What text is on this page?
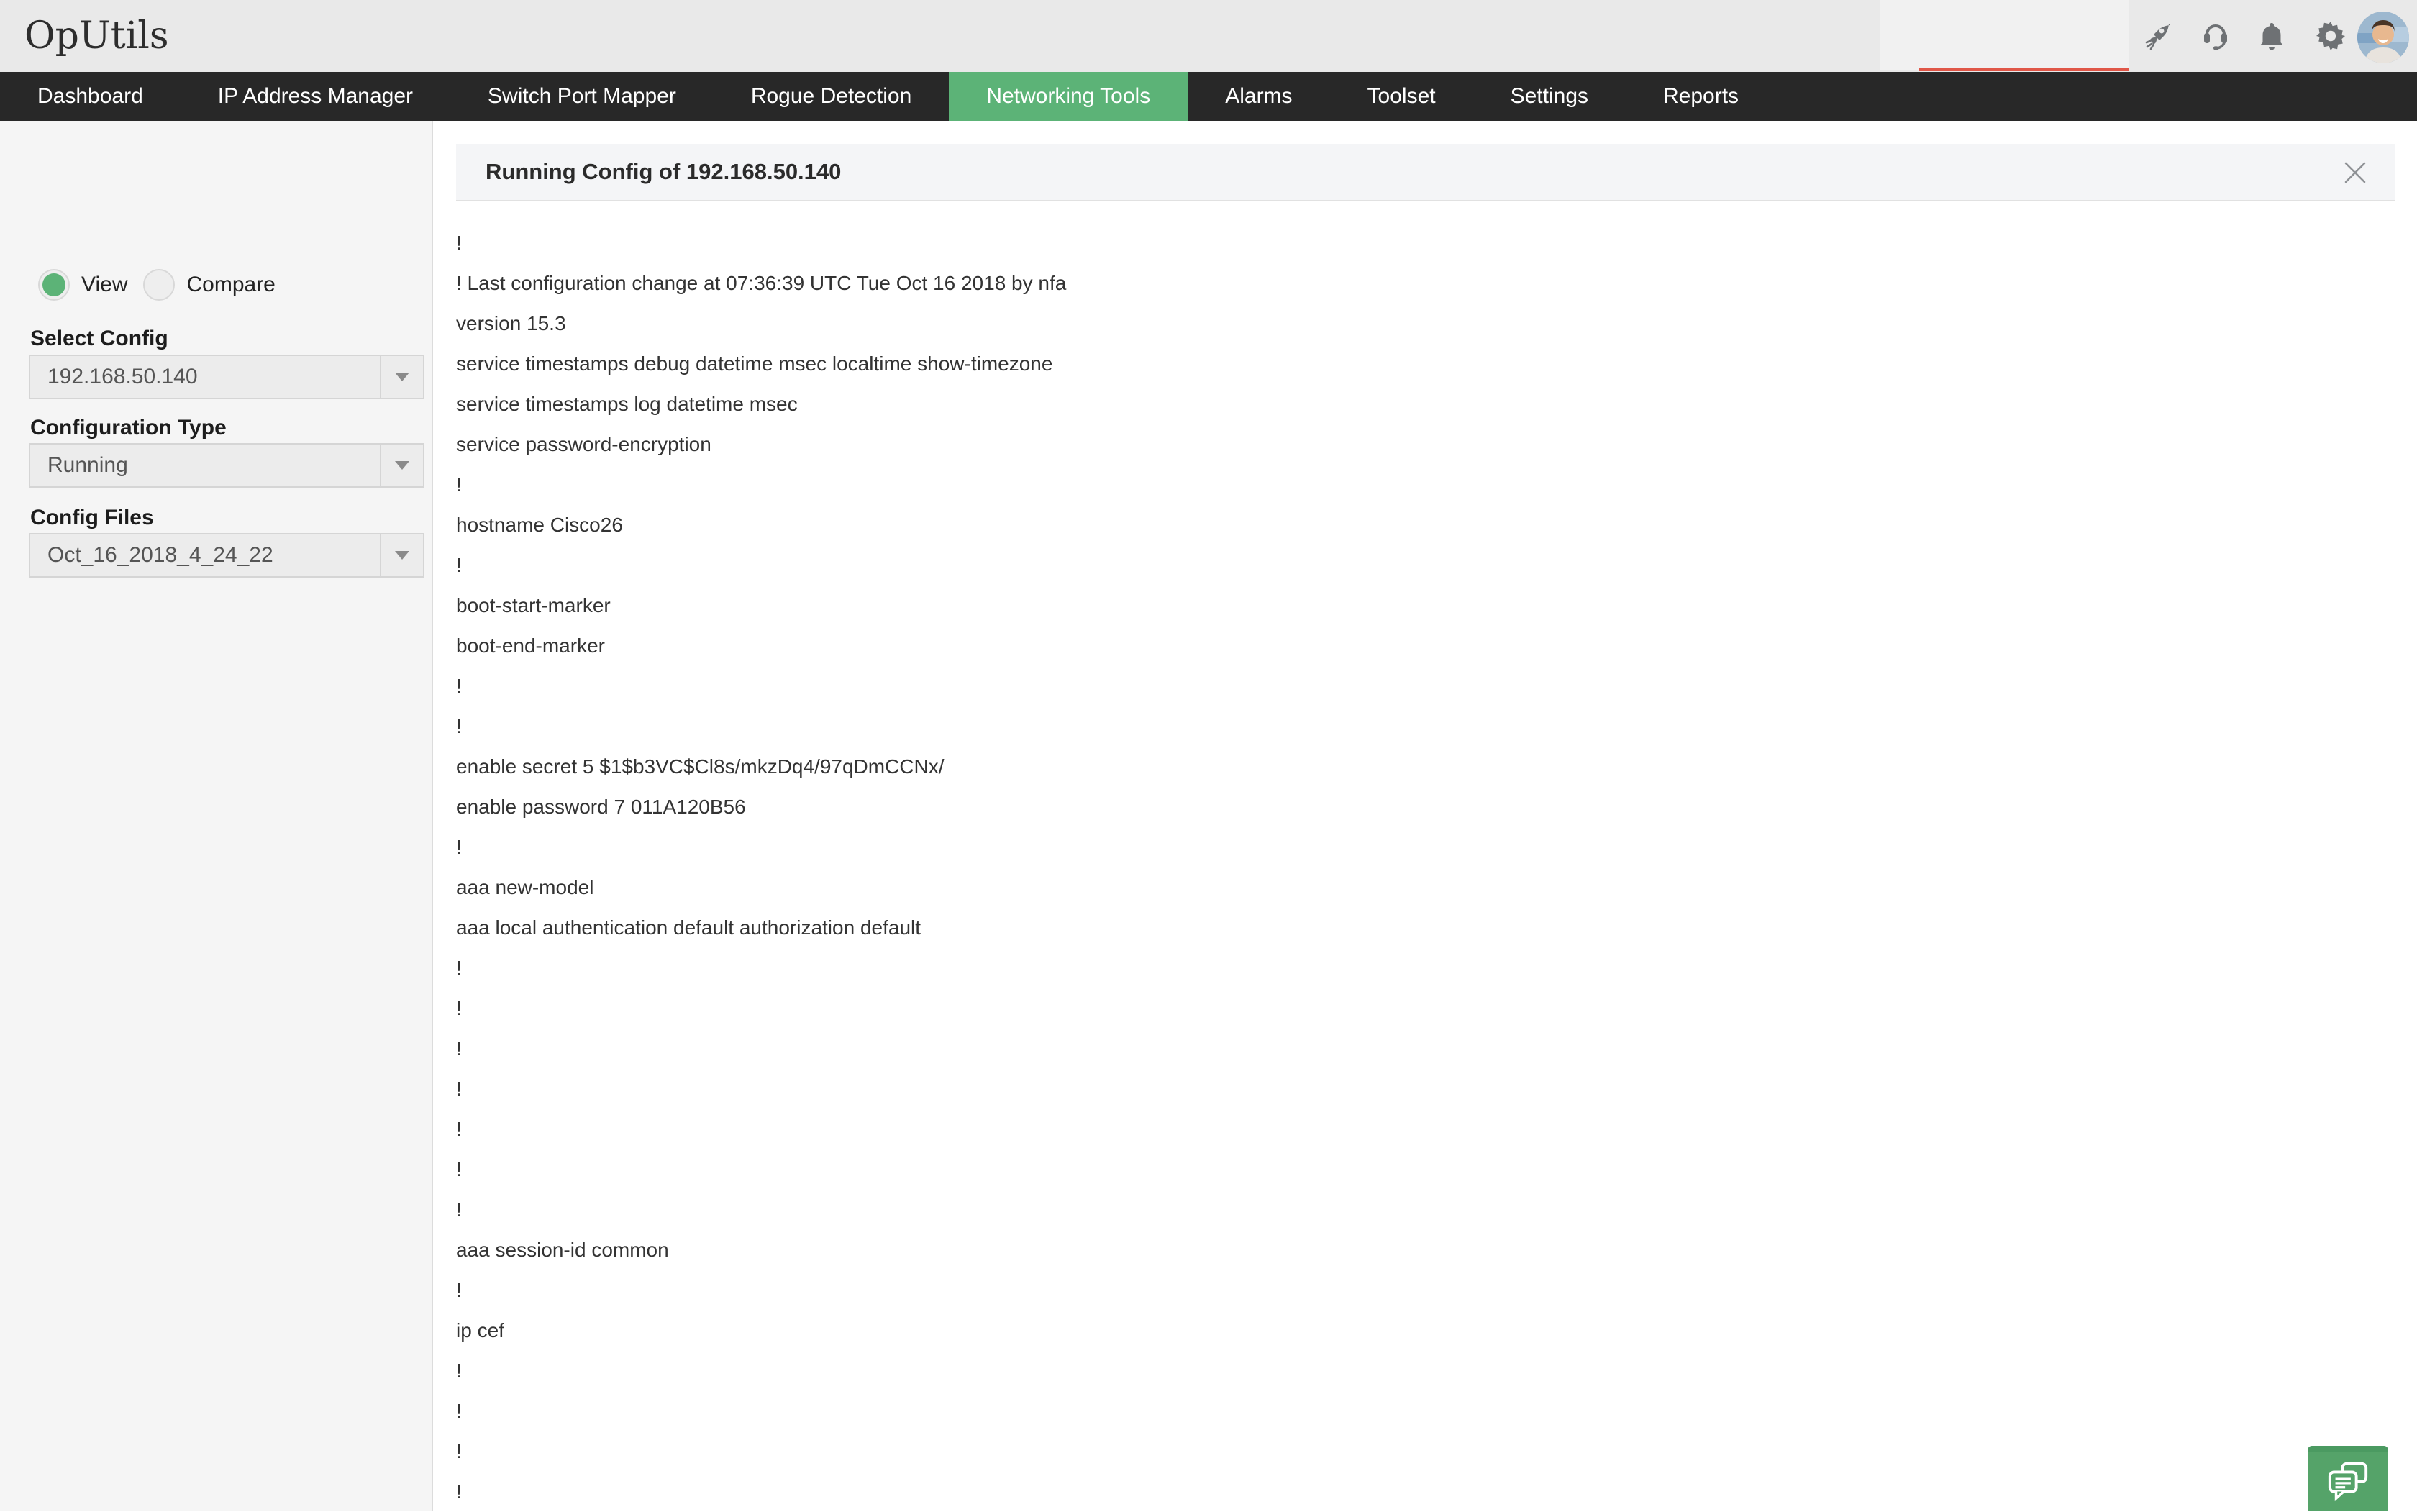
OpUtils
Dashboard	IP Address Manager	Switch Port Mapper	Rogue Detection	Networking Tools	Alarms	Toolset	Settings	Reports
View	Compare
Select Config
192.168.50.140
Configuration Type
Running
Config Files
Oct_16_2018_4_24_22
Running Config of 192.168.50.140
!
! Last configuration change at 07:36:39 UTC Tue Oct 16 2018 by nfa
version 15.3
service timestamps debug datetime msec localtime show-timezone
service timestamps log datetime msec
service password-encryption
!
hostname Cisco26
!
boot-start-marker
boot-end-marker
!
!
enable secret 5 $1$b3VC$Cl8s/mkzDq4/97qDmCCNx/
enable password 7 011A120B56
!
aaa new-model
aaa local authentication default authorization default
!
!
!
!
!
!
!
aaa session-id common
!
ip cef
!
!
!
!
